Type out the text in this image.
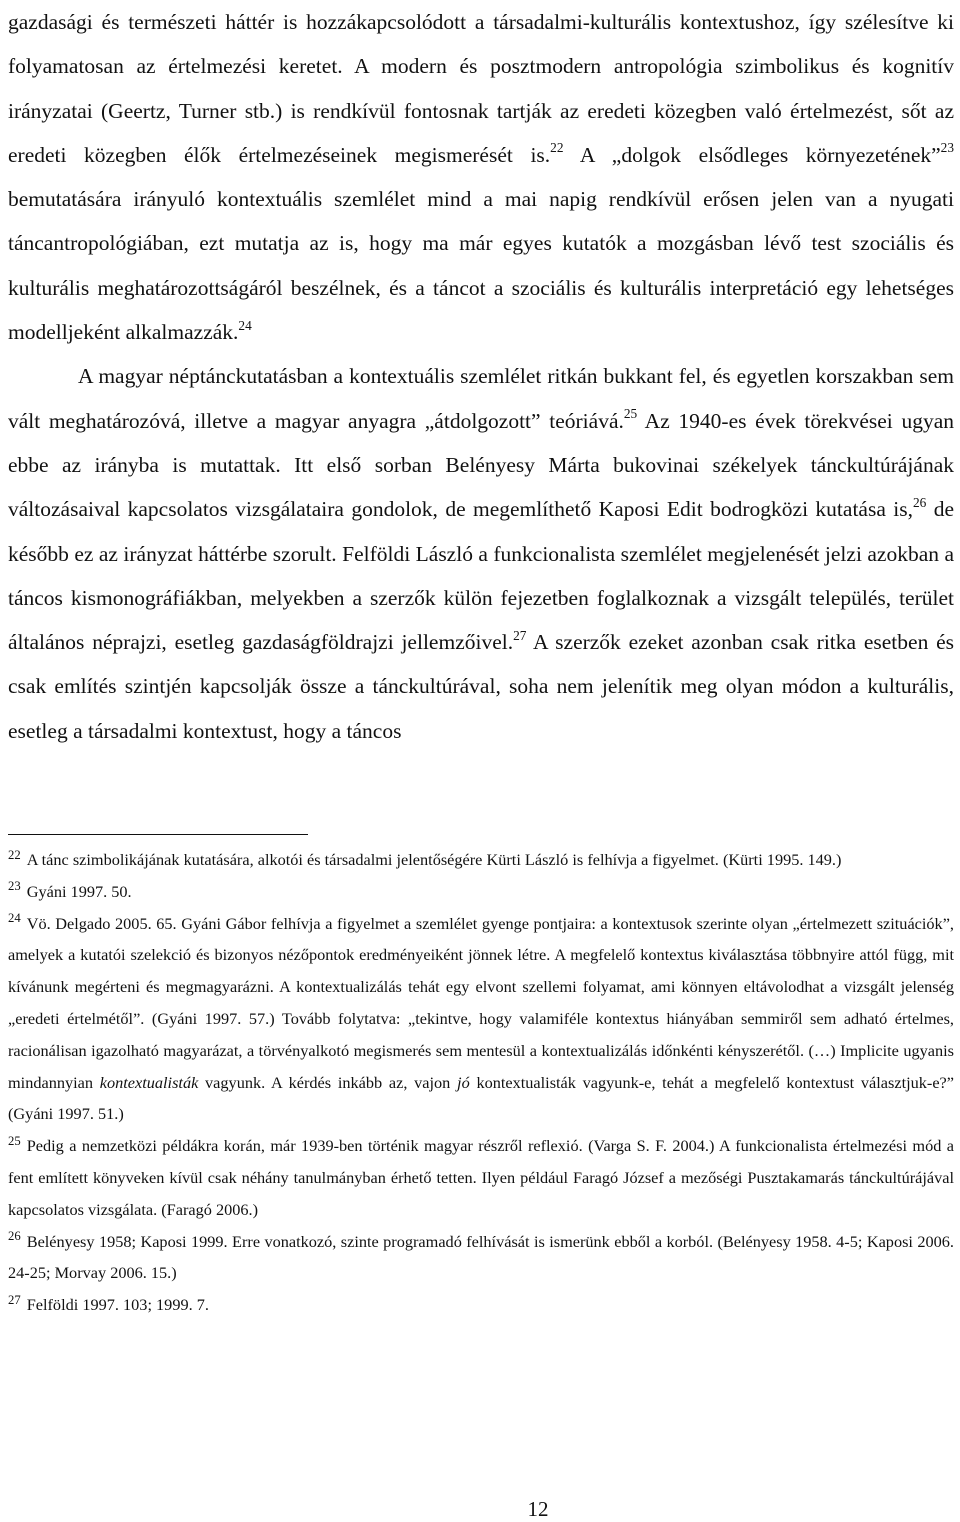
gazdasági és természeti háttér is hozzákapcsolódott a társadalmi-kulturális kontextushoz, így szélesítve ki folyamatosan az értelmezési keretet. A modern és posztmodern antropológia szimbolikus és kognitív irányzatai (Geertz, Turner stb.) is rendkívül fontosnak tartják az eredeti közegben való értelmezést, sőt az eredeti közegben élők értelmezéseinek megismerését is.$^{22}$ A „dolgok elsődleges környezetének”$^{23}$ bemutatására irányuló kontextuális szemlélet mind a mai napig rendkívül erősen jelen van a nyugati táncantropológiában, ezt mutatja az is, hogy ma már egyes kutatók a mozgásban lévő test szociális és kulturális meghatározottságáról beszélnek, és a táncot a szociális és kulturális interpretáció egy lehetséges modelljeként alkalmazzák.$^{24}$

A magyar néptánckutatásban a kontextuális szemlélet ritkán bukkant fel, és egyetlen korszakban sem vált meghatározóvá, illetve a magyar anyagra „átdolgozott” teóriává.$^{25}$ Az 1940-es évek törekvései ugyan ebbe az irányba is mutattak. Itt első sorban Belényesy Márta bukovinai székelyek tánckultúrájának változásaival kapcsolatos vizsgálataira gondolok, de megemlíthető Kaposi Edit bodrogközi kutatása is,$^{26}$ de később ez az irányzat háttérbe szorult. Felföldi László a funkcionalista szemlélet megjelenését jelzi azokban a táncos kismonográfiákban, melyekben a szerzők külön fejezetben foglalkoznak a vizsgált település, terület általános néprajzi, esetleg gazdaságföldrajzi jellemzőivel.$^{27}$ A szerzők ezeket azonban csak ritka esetben és csak említés szintjén kapcsolják össze a tánckultúrával, soha nem jelenítik meg olyan módon a kulturális, esetleg a társadalmi kontextust, hogy a táncos

$^{22}$ A tánc szimbolikájának kutatására, alkotói és társadalmi jelentőségére Kürti László is felhívja a figyelmet. (Kürti 1995. 149.)

$^{23}$ Gyáni 1997. 50.

$^{24}$ Vö. Delgado 2005. 65. Gyáni Gábor felhívja a figyelmet a szemlélet gyenge pontjaira: a kontextusok szerinte olyan „értelmezett szituációk”, amelyek a kutatói szelekció és bizonyos nézőpontok eredményeiként jönnek létre. A megfelelő kontextus kiválasztása többnyire attól függ, mit kívánunk megérteni és megmagyarázni. A kontextualizálás tehát egy elvont szellemi folyamat, ami könnyen eltávolodhat a vizsgált jelenség „eredeti értelmétől”. (Gyáni 1997. 57.) Tovább folytatva: „tekintve, hogy valamiféle kontextus hiányában semmiről sem adható értelmes, racionálisan igazolható magyarázat, a törvényalkotó megismerés sem mentesül a kontextualizálás időnkénti kényszerétől. (…) Implicite ugyanis mindannyian kontextualisták vagyunk. A kérdés inkább az, vajon jó kontextualisták vagyunk-e, tehát a megfelelő kontextust választjuk-e?” (Gyáni 1997. 51.)

$^{25}$ Pedig a nemzetközi példákra korán, már 1939-ben történik magyar részről reflexió. (Varga S. F. 2004.) A funkcionalista értelmezési mód a fent említett könyveken kívül csak néhány tanulmányban érhető tetten. Ilyen például Faragó József a mezőségi Pusztakamarás tánckultúrájával kapcsolatos vizsgálata. (Faragó 2006.)

$^{26}$ Belényesy 1958; Kaposi 1999. Erre vonatkozó, szinte programadó felhívását is ismerünk ebből a korból. (Belényesy 1958. 4-5; Kaposi 2006. 24-25; Morvay 2006. 15.)

$^{27}$ Felföldi 1997. 103; 1999. 7.

12
